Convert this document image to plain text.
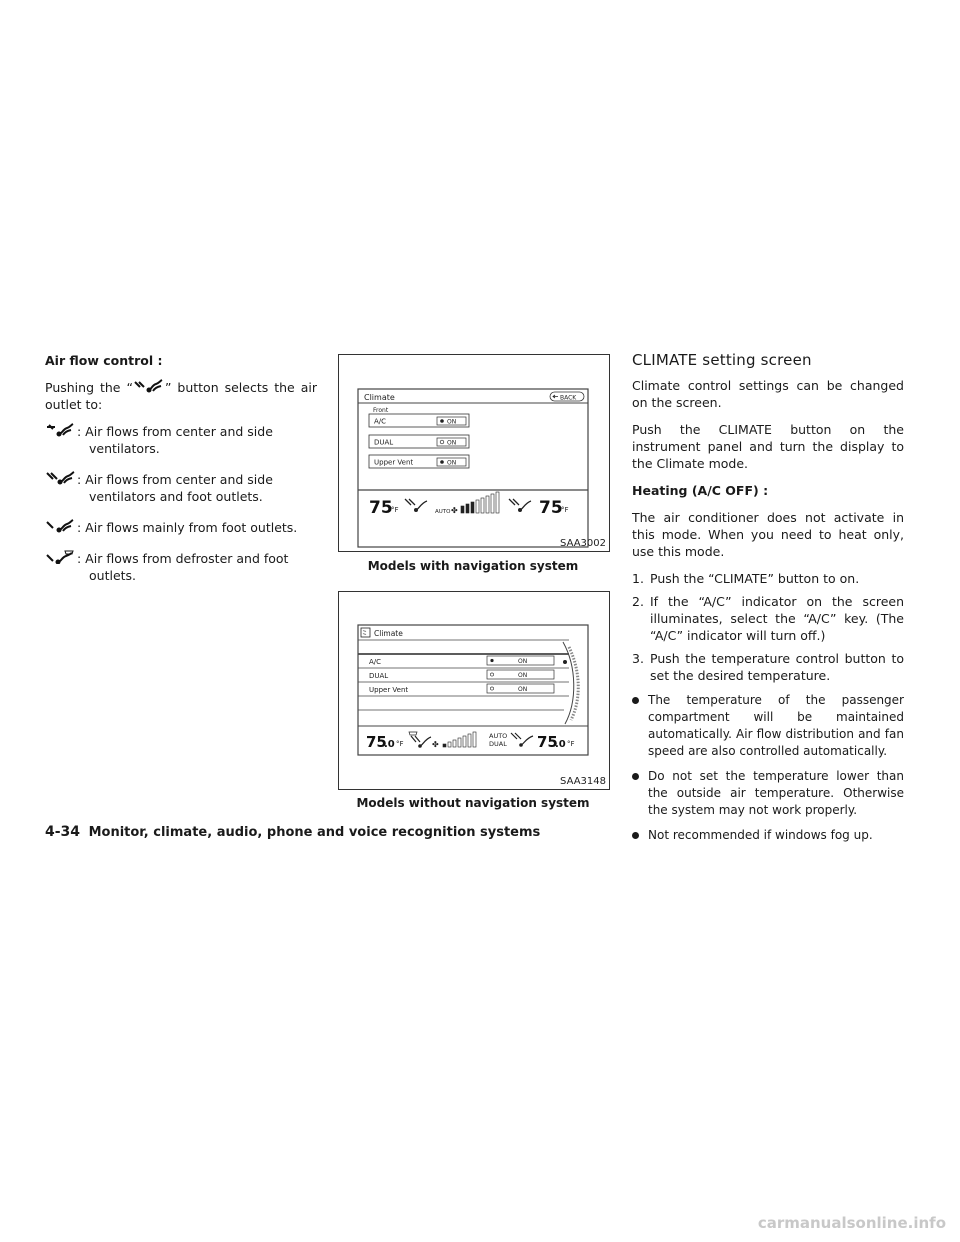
Air flow control :

Pushing the “	” button selects the air outlet to:

: Air flows from center and side ventilators.
: Air flows from center and side ventilators and foot outlets.
: Air flows mainly from foot outlets.
: Air flows from defroster and foot outlets.
Climate	BACK
Front
A/C	ON
DUAL	ON
Upper Vent	ON
75
°F	AUTO ✤	75
°F
SAA3002
Models with navigation system
Climate
A/C	ON
DUAL	ON
Upper Vent	ON
75
.0 °F	✤
AUTO
DUAL 75
.0 °F
SAA3148
Models without navigation system
CLIMATE setting screen

Climate control settings can be changed on the screen.

Push the CLIMATE button on the instrument panel and turn the display to the Climate mode.

Heating (A/C OFF) :

The air conditioner does not activate in this mode. When you need to heat only, use this mode.

1. Push the “CLIMATE” button to on.
2. If the “A/C” indicator on the screen illuminates, select the “A/C” key. (The “A/C” indicator will turn off.)
3. Push the temperature control button to set the desired temperature.
The temperature of the passenger compartment will be maintained automatically. Air flow distribution and fan speed are also controlled automatically.
Do not set the temperature lower than the outside air temperature. Otherwise the system may not work properly.
Not recommended if windows fog up.
4-34 Monitor, climate, audio, phone and voice recognition systems
carmanualsonline.info
